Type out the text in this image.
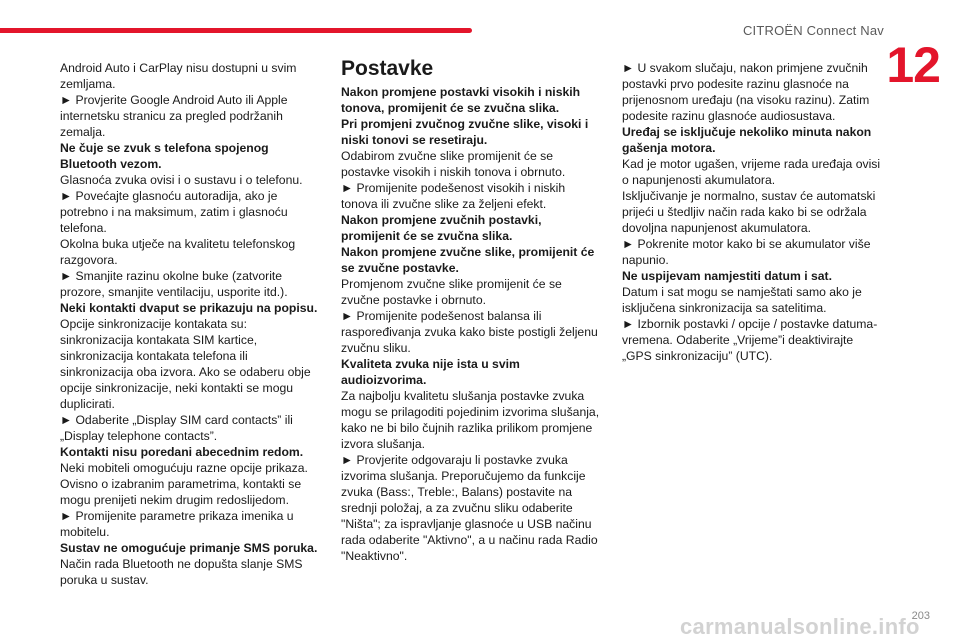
CITROËN Connect Nav
12

Android Auto i CarPlay nisu dostupni u svim zemljama.

► Provjerite Google Android Auto ili Apple internetsku stranicu za pregled podržanih zemalja.

Ne čuje se zvuk s telefona spojenog Bluetooth vezom.

Glasnoća zvuka ovisi i o sustavu i o telefonu.

► Povećajte glasnoću autoradija, ako je potrebno i na maksimum, zatim i glasnoću telefona.

Okolna buka utječe na kvalitetu telefonskog razgovora.

► Smanjite razinu okolne buke (zatvorite prozore, smanjite ventilaciju, usporite itd.).

Neki kontakti dvaput se prikazuju na popisu.

Opcije sinkronizacije kontakata su: sinkronizacija kontakata SIM kartice, sinkronizacija kontakata telefona ili sinkronizacija oba izvora. Ako se odaberu obje opcije sinkronizacije, neki kontakti se mogu duplicirati.

► Odaberite „Display SIM card contacts” ili „Display telephone contacts”.

Kontakti nisu poredani abecednim redom.

Neki mobiteli omogućuju razne opcije prikaza. Ovisno o izabranim parametrima, kontakti se mogu prenijeti nekim drugim redoslijedom.

► Promijenite parametre prikaza imenika u mobitelu.

Sustav ne omogućuje primanje SMS poruka.

Način rada Bluetooth ne dopušta slanje SMS poruka u sustav.

Postavke

Nakon promjene postavki visokih i niskih tonova, promijenit će se zvučna slika.

Pri promjeni zvučnog zvučne slike, visoki i niski tonovi se resetiraju.

Odabirom zvučne slike promijenit će se postavke visokih i niskih tonova i obrnuto.

► Promijenite podešenost visokih i niskih tonova ili zvučne slike za željeni efekt.

Nakon promjene zvučnih postavki, promijenit će se zvučna slika.

Nakon promjene zvučne slike, promijenit će se zvučne postavke.

Promjenom zvučne slike promijenit će se zvučne postavke i obrnuto.

► Promijenite podešenost balansa ili raspoređivanja zvuka kako biste postigli željenu zvučnu sliku.

Kvaliteta zvuka nije ista u svim audioizvorima.

Za najbolju kvalitetu slušanja postavke zvuka mogu se prilagoditi pojedinim izvorima slušanja, kako ne bi bilo čujnih razlika prilikom promjene izvora slušanja.

► Provjerite odgovaraju li postavke zvuka izvorima slušanja. Preporučujemo da funkcije zvuka (Bass:, Treble:, Balans) postavite na srednji položaj, a za zvučnu sliku odaberite "Ništa"; za ispravljanje glasnoće u USB načinu rada odaberite "Aktivno", a u načinu rada Radio "Neaktivno".

► U svakom slučaju, nakon primjene zvučnih postavki prvo podesite razinu glasnoće na prijenosnom uređaju (na visoku razinu). Zatim podesite razinu glasnoće audiosustava.

Uređaj se isključuje nekoliko minuta nakon gašenja motora.

Kad je motor ugašen, vrijeme rada uređaja ovisi o napunjenosti akumulatora.

Isključivanje je normalno, sustav će automatski prijeći u štedljiv način rada kako bi se održala dovoljna napunjenost akumulatora.

► Pokrenite motor kako bi se akumulator više napunio.

Ne uspijevam namjestiti datum i sat.

Datum i sat mogu se namještati samo ako je isključena sinkronizacija sa satelitima.

► Izbornik postavki / opcije / postavke datuma-vremena. Odaberite „Vrijeme”i deaktivirajte „GPS sinkronizaciju” (UTC).

carmanualsonline.info
203
